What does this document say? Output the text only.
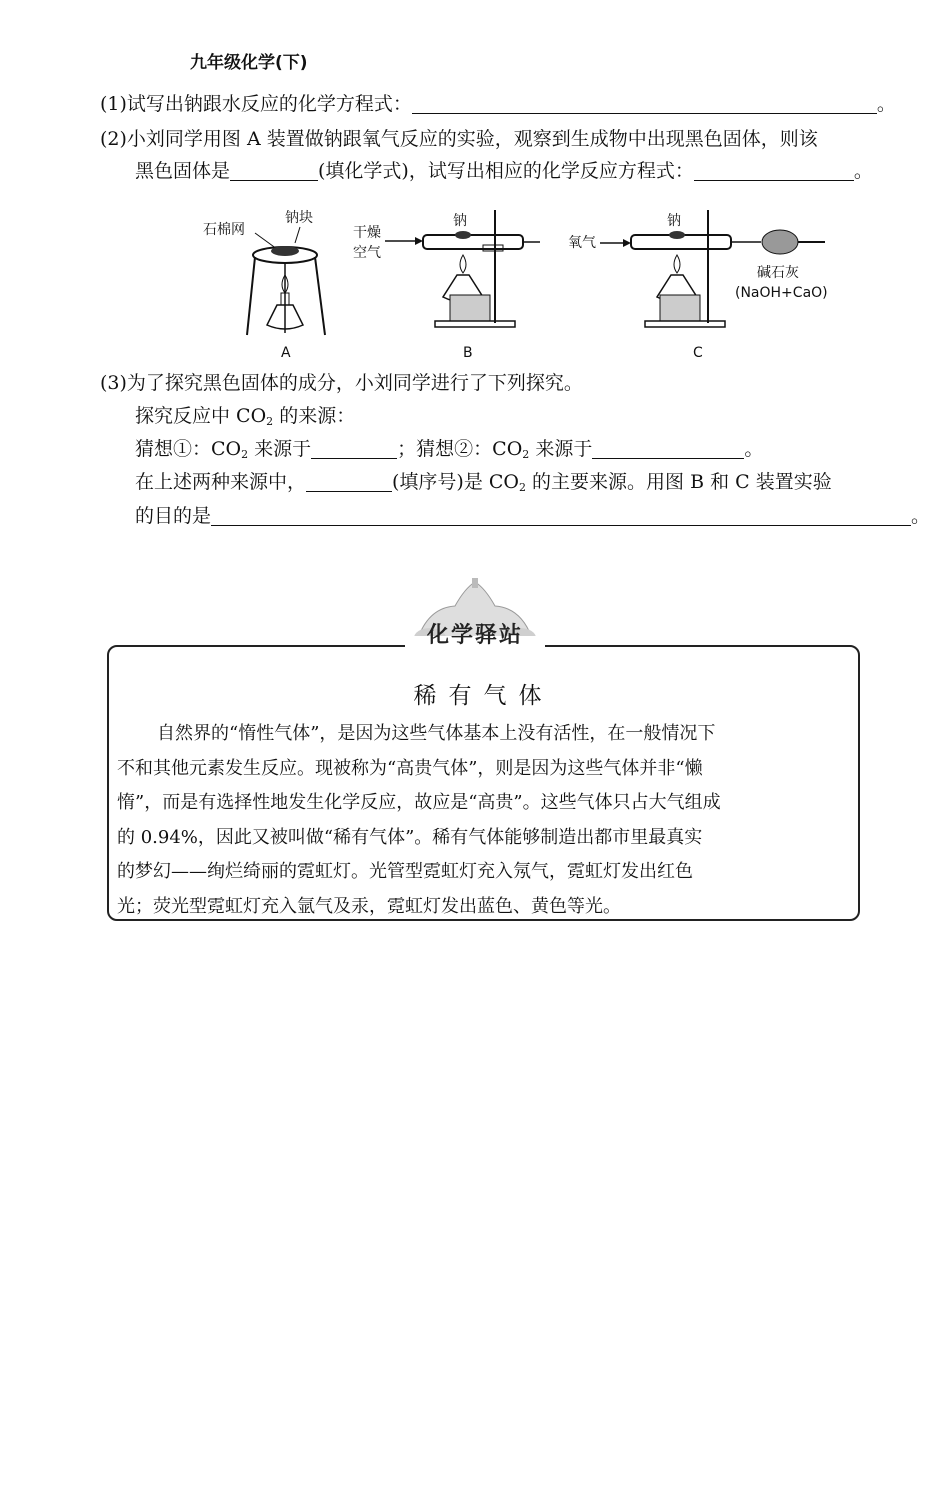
九年级化学(下)
(1)试写出钠跟水反应的化学方程式：	。
(2)小刘同学用图 A 装置做钠跟氧气反应的实验，观察到生成物中出现黑色固体，则该
黑色固体是	(填化学式)，试写出相应的化学反应方程式：	。
石棉网
钠块
A
干燥
空气
钠
B
氧气
钠
碱石灰
(NaOH+CaO)
C
(3)为了探究黑色固体的成分，小刘同学进行了下列探究。
探究反应中 $CO_2$ 的来源：
猜想①：$CO_2$ 来源于	；猜想②：$CO_2$ 来源于	。
在上述两种来源中，	(填序号)是 $CO_2$ 的主要来源。用图 B 和 C 装置实验
的目的是	。
稀有气体

自然界的“惰性气体”，是因为这些气体基本上没有活性，在一般情况下

不和其他元素发生反应。现被称为“高贵气体”，则是因为这些气体并非“懒

惰”，而是有选择性地发生化学反应，故应是“高贵”。这些气体只占大气组成

的 0.94%，因此又被叫做“稀有气体”。稀有气体能够制造出都市里最真实

的梦幻——绚烂绮丽的霓虹灯。光管型霓虹灯充入氖气，霓虹灯发出红色

光；荧光型霓虹灯充入氩气及汞，霓虹灯发出蓝色、黄色等光。

化学驿站
